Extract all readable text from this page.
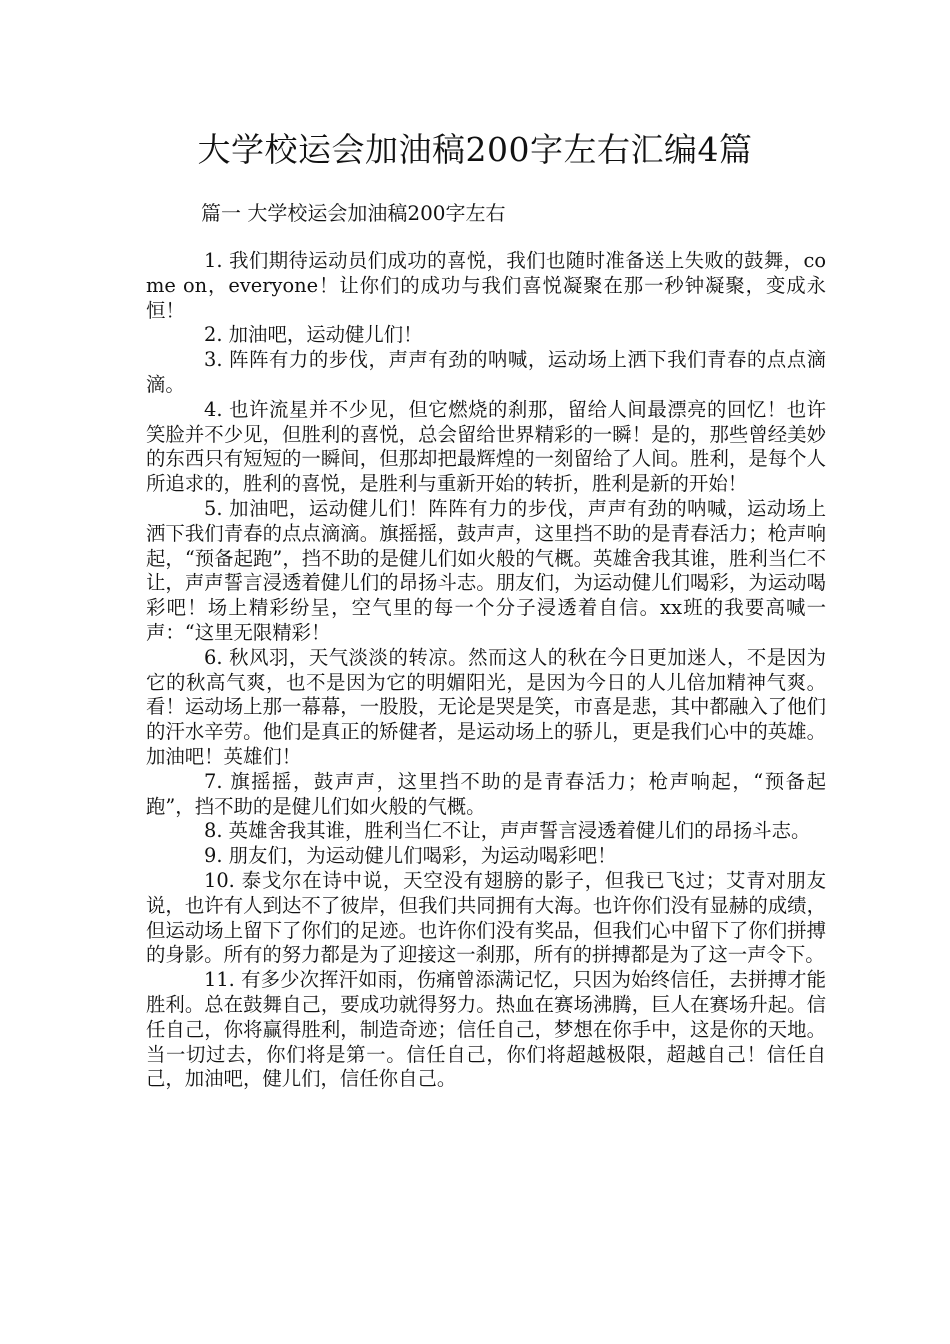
大学校运会加油稿200字左右汇编4篇
篇一 大学校运会加油稿200字左右

1. 我们期待运动员们成功的喜悦，我们也随时准备送上失败的鼓舞，come on，everyone！让你们的成功与我们喜悦凝聚在那一秒钟凝聚，变成永恒！

2. 加油吧，运动健儿们！

3. 阵阵有力的步伐，声声有劲的呐喊，运动场上洒下我们青春的点点滴滴。

4. 也许流星并不少见，但它燃烧的刹那，留给人间最漂亮的回忆！也许笑脸并不少见，但胜利的喜悦，总会留给世界精彩的一瞬！是的，那些曾经美妙的东西只有短短的一瞬间，但那却把最辉煌的一刻留给了人间。胜利，是每个人所追求的，胜利的喜悦，是胜利与重新开始的转折，胜利是新的开始！

5. 加油吧，运动健儿们！阵阵有力的步伐，声声有劲的呐喊，运动场上洒下我们青春的点点滴滴。旗摇摇，鼓声声，这里挡不助的是青春活力；枪声响起，“预备起跑”，挡不助的是健儿们如火般的气概。英雄舍我其谁，胜利当仁不让，声声誓言浸透着健儿们的昂扬斗志。朋友们，为运动健儿们喝彩，为运动喝彩吧！场上精彩纷呈，空气里的每一个分子浸透着自信。xx班的我要高喊一声：“这里无限精彩！

6. 秋风羽，天气淡淡的转凉。然而这人的秋在今日更加迷人，不是因为它的秋高气爽，也不是因为它的明媚阳光，是因为今日的人儿倍加精神气爽。看！运动场上那一幕幕，一股股，无论是哭是笑，市喜是悲，其中都融入了他们的汗水辛劳。他们是真正的矫健者，是运动场上的骄儿，更是我们心中的英雄。加油吧！英雄们！

7. 旗摇摇，鼓声声，这里挡不助的是青春活力；枪声响起，“预备起跑”，挡不助的是健儿们如火般的气概。

8. 英雄舍我其谁，胜利当仁不让，声声誓言浸透着健儿们的昂扬斗志。

9. 朋友们，为运动健儿们喝彩，为运动喝彩吧！

10. 泰戈尔在诗中说，天空没有翅膀的影子，但我已飞过；艾青对朋友说，也许有人到达不了彼岸，但我们共同拥有大海。也许你们没有显赫的成绩，但运动场上留下了你们的足迹。也许你们没有奖品，但我们心中留下了你们拼搏的身影。所有的努力都是为了迎接这一刹那，所有的拼搏都是为了这一声令下。

11. 有多少次挥汗如雨，伤痛曾添满记忆，只因为始终信任，去拼搏才能胜利。总在鼓舞自己，要成功就得努力。热血在赛场沸腾，巨人在赛场升起。信任自己，你将赢得胜利，制造奇迹；信任自己，梦想在你手中，这是你的天地。当一切过去，你们将是第一。信任自己，你们将超越极限，超越自己！信任自己，加油吧，健儿们，信任你自己。
